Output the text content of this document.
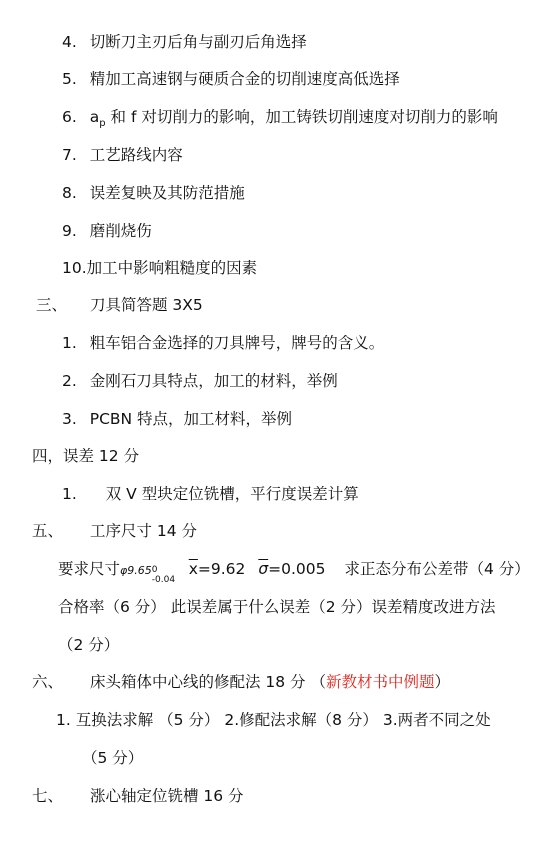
4. 切断刀主刃后角与副刃后角选择
5. 精加工高速钢与硬质合金的切削速度高低选择
6. $a_p$ 和 f 对切削力的影响，加工铸铁切削速度对切削力的影响
7. 工艺路线内容
8. 误差复映及其防范措施
9. 磨削烧伤
10.加工中影响粗糙度的因素
三、 刀具简答题 3X5
1. 粗车铝合金选择的刀具牌号，牌号的含义。
2. 金刚石刀具特点，加工的材料，举例
3. PCBN 特点，加工材料，举例
四，误差 12 分
1. 双 V 型块定位铣槽，平行度误差计算
五、 工序尺寸 14 分
要求尺寸φ9.65 0
-0.04
$\overline{x}=9.62$ $\overline{\sigma}=0.005$ 求正态分布公差带（4 分）
合格率（6 分） 此误差属于什么误差（2 分）误差精度改进方法
（2 分）
六、 床头箱体中心线的修配法 18 分 （新教材书中例题）
1. 互换法求解 （5 分） 2.修配法求解（8 分） 3.两者不同之处
（5 分）
七、 涨心轴定位铣槽 16 分
